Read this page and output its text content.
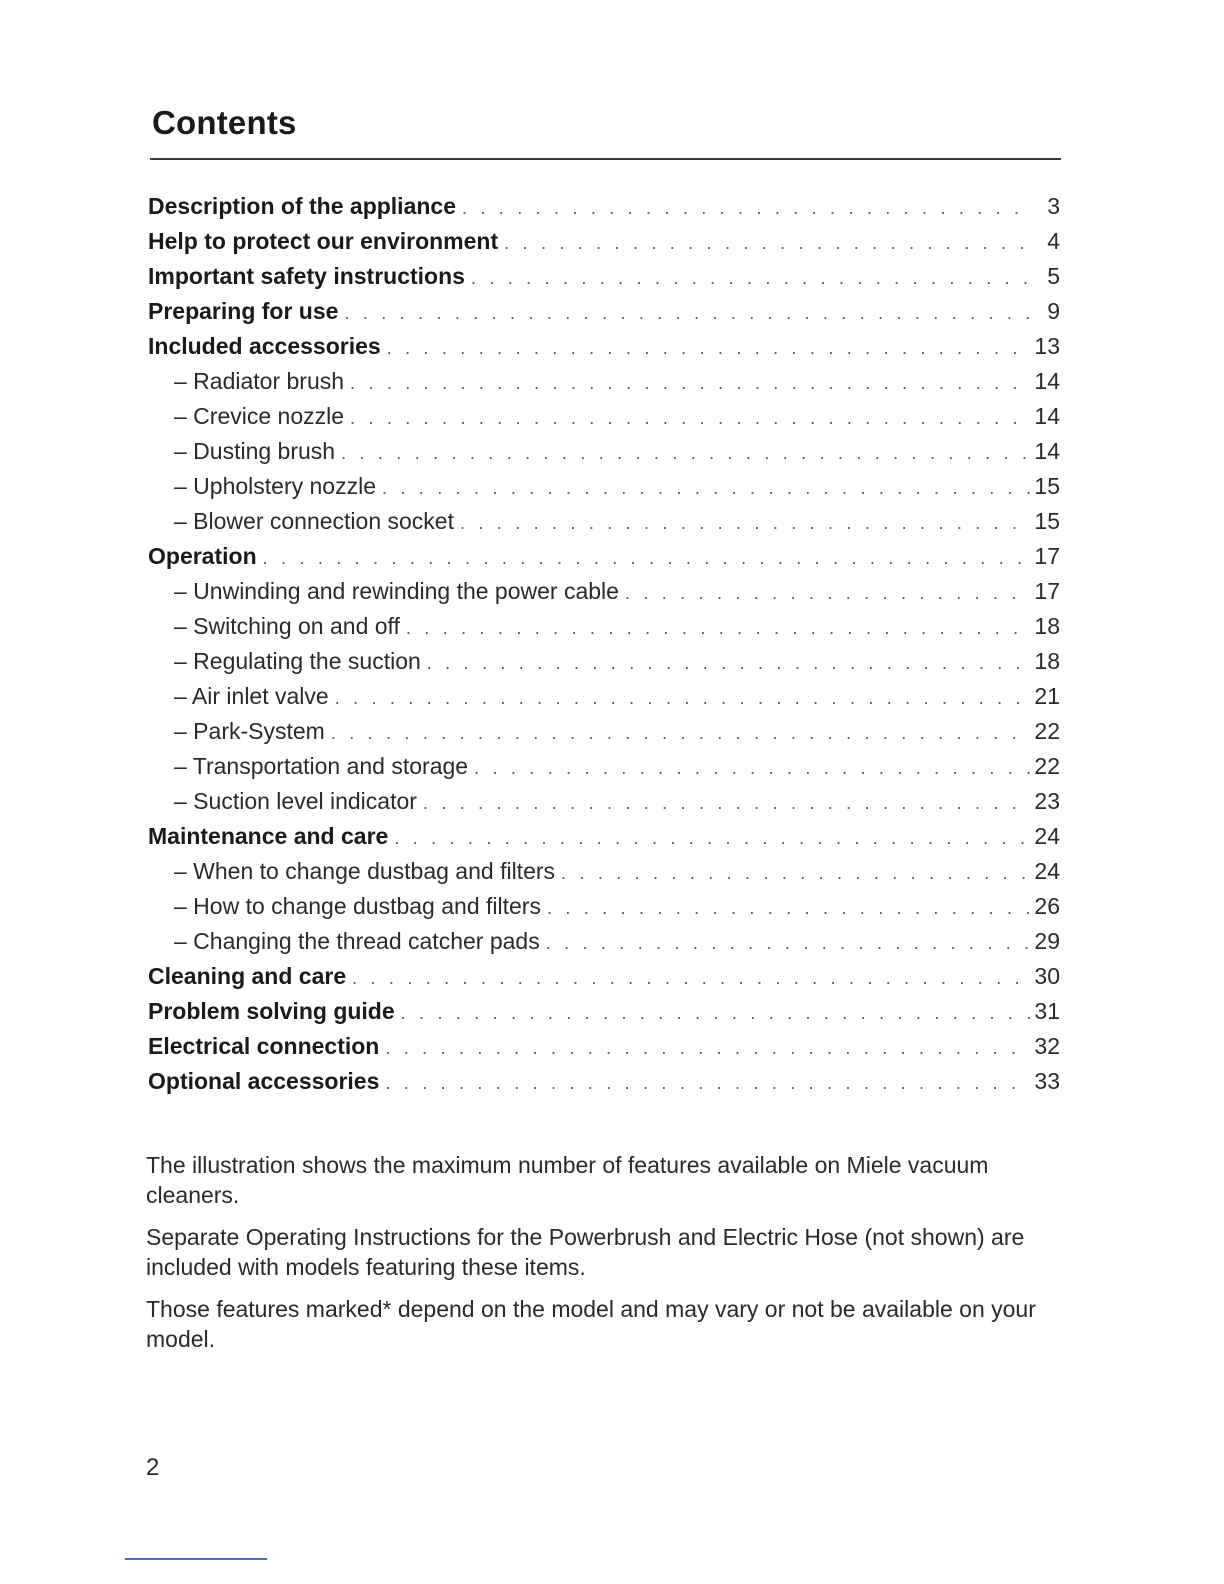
Contents
Description of the appliance . . .	3
Help to protect our environment . . .	4
Important safety instructions . . .	5
Preparing for use . . .	9
Included accessories . . .	13
– Radiator brush . . .	14
– Crevice nozzle . . .	14
– Dusting brush . . .	14
– Upholstery nozzle . . .	15
– Blower connection socket . . .	15
Operation . . .	17
– Unwinding and rewinding the power cable . . .	17
– Switching on and off . . .	18
– Regulating the suction . . .	18
– Air inlet valve . . .	21
– Park-System . . .	22
– Transportation and storage . . .	22
– Suction level indicator . . .	23
Maintenance and care . . .	24
– When to change dustbag and filters . . .	24
– How to change dustbag and filters . . .	26
– Changing the thread catcher pads . . .	29
Cleaning and care . . .	30
Problem solving guide . . .	31
Electrical connection . . .	32
Optional accessories . . .	33

The illustration shows the maximum number of features available on Miele vacuum cleaners.

Separate Operating Instructions for the Powerbrush and Electric Hose (not shown) are included with models featuring these items.

Those features marked* depend on the model and may vary or not be available on your model.

2
